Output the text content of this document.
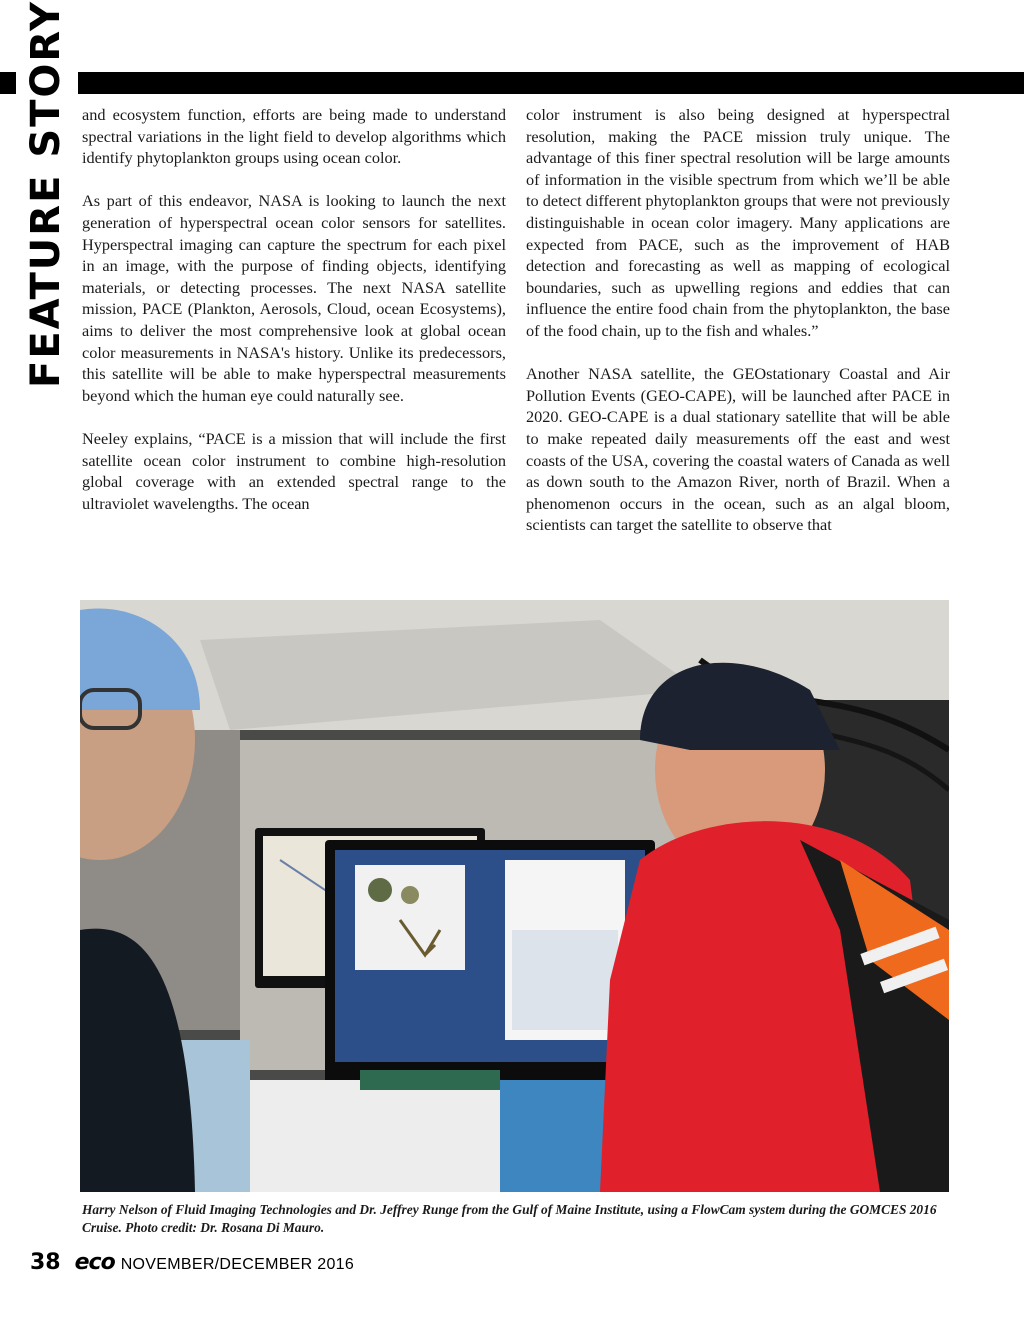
FEATURE STORY and ecosystem function, efforts are being made to understand spectral variations in the light field to develop algorithms which identify phytoplankton groups using ocean color.

As part of this endeavor, NASA is looking to launch the next generation of hyperspectral ocean color sensors for satellites. Hyperspectral imaging can capture the spectrum for each pixel in an image, with the purpose of finding objects, identifying materials, or detecting processes. The next NASA satellite mission, PACE (Plankton, Aerosols, Cloud, ocean Ecosystems), aims to deliver the most comprehensive look at global ocean color measurements in NASA's history. Unlike its predecessors, this satellite will be able to make hyperspectral measurements beyond which the human eye could naturally see.

Neeley explains, “PACE is a mission that will include the first satellite ocean color instrument to combine high-resolution global coverage with an extended spectral range to the ultraviolet wavelengths. The ocean

color instrument is also being designed at hyperspectral resolution, making the PACE mission truly unique. The advantage of this finer spectral resolution will be large amounts of information in the visible spectrum from which we’ll be able to detect different phytoplankton groups that were not previously distinguishable in ocean color imagery. Many applications are expected from PACE, such as the improvement of HAB detection and forecasting as well as mapping of ecological boundaries, such as upwelling regions and eddies that can influence the entire food chain from the phytoplankton, the base of the food chain, up to the fish and whales.”

Another NASA satellite, the GEOstationary Coastal and Air Pollution Events (GEO-CAPE), will be launched after PACE in 2020. GEO-CAPE is a dual stationary satellite that will be able to make repeated daily measurements off the east and west coasts of the USA, covering the coastal waters of Canada as well as down south to the Amazon River, north of Brazil. When a phenomenon occurs in the ocean, such as an algal bloom, scientists can target the satellite to observe that

Harry Nelson of Fluid Imaging Technologies and Dr. Jeffrey Runge from the Gulf of Maine Institute, using a FlowCam system during the GOMCES 2016 Cruise. Photo credit: Dr. Rosana Di Mauro.
38 eco NOVEMBER/DECEMBER 2016
